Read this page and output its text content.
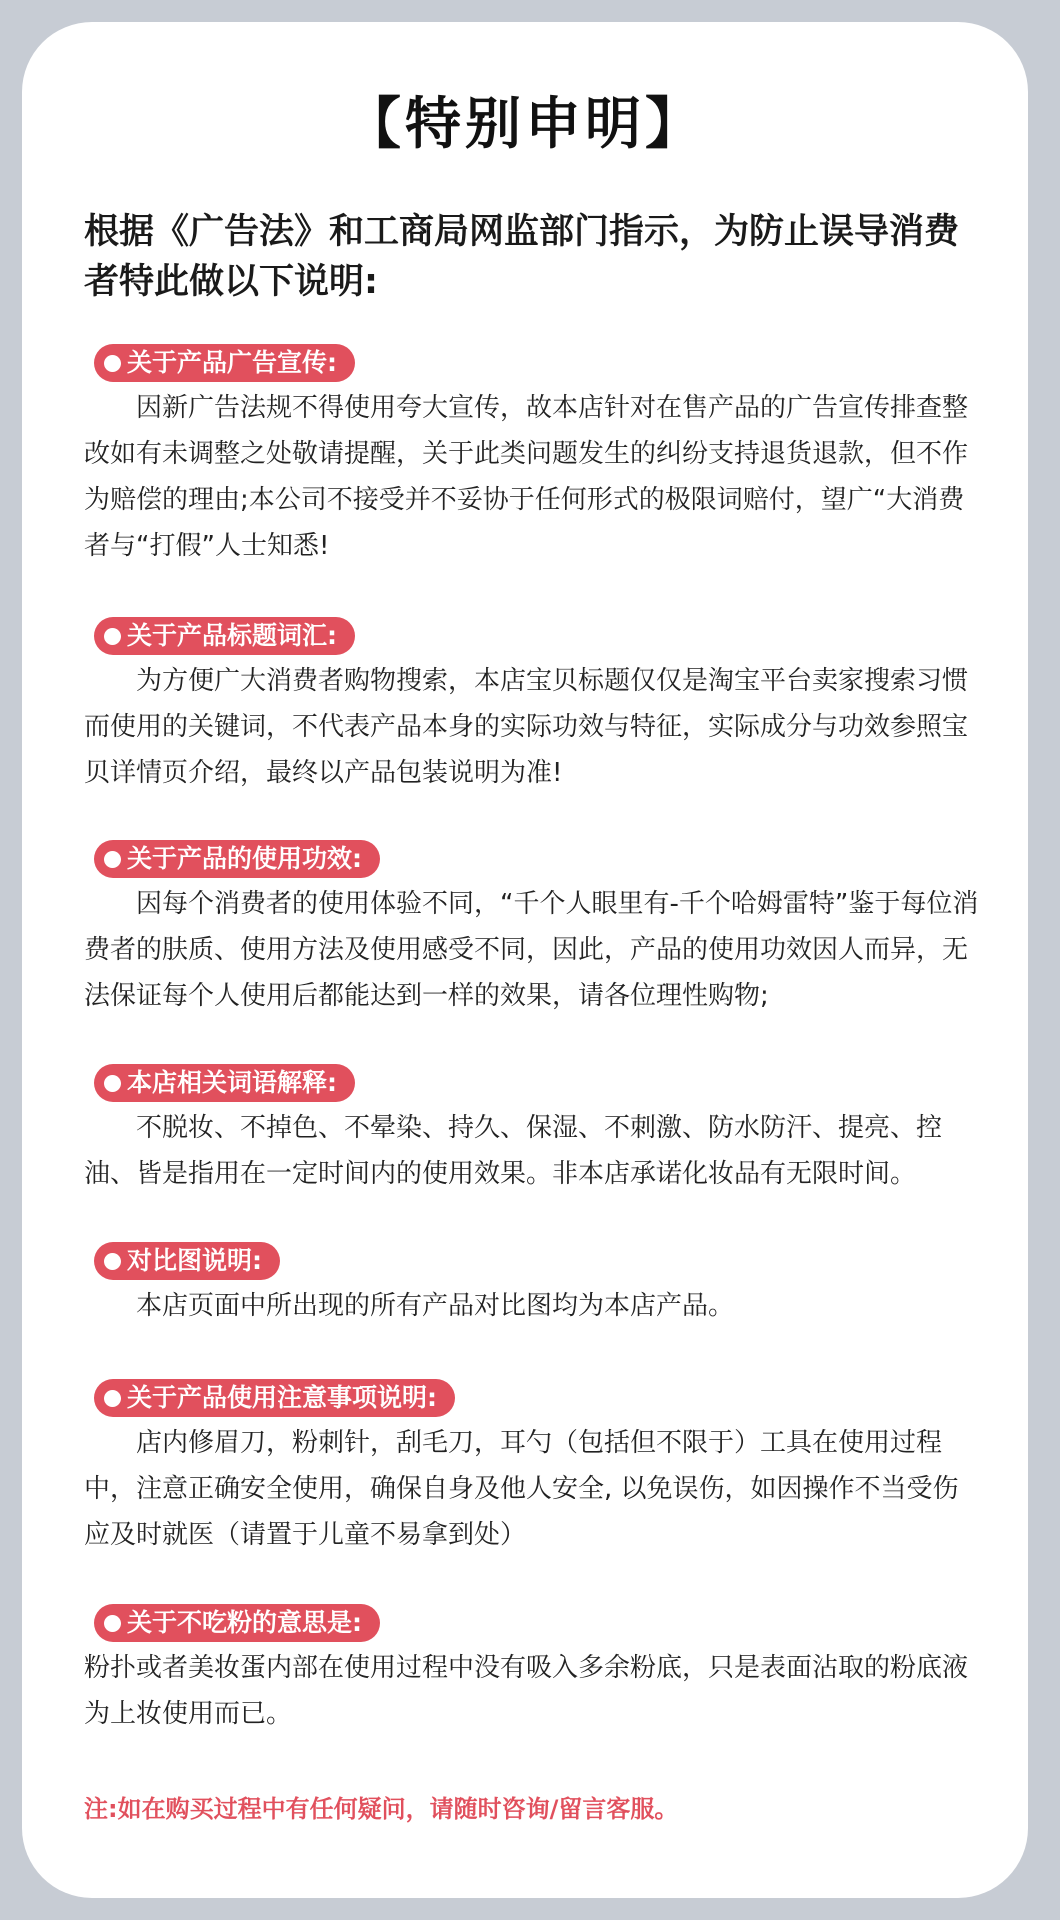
【特别申明】
根据《广告法》和工商局网监部门指示，为防止误导消费者特此做以下说明:
关于产品广告宣传:

因新广告法规不得使用夸大宣传，故本店针对在售产品的广告宣传排查整改如有未调整之处敬请提醒，关于此类问题发生的纠纷支持退货退款，但不作为赔偿的理由;本公司不接受并不妥协于任何形式的极限词赔付，望广“大消费者与“打假”人士知悉!

关于产品标题词汇:

为方便广大消费者购物搜索，本店宝贝标题仅仅是淘宝平台卖家搜索习惯而使用的关键词，不代表产品本身的实际功效与特征，实际成分与功效参照宝贝详情页介绍，最终以产品包装说明为准!

关于产品的使用功效:

因每个消费者的使用体验不同，“千个人眼里有-千个哈姆雷特”鉴于每位消费者的肤质、使用方法及使用感受不同，因此，产品的使用功效因人而异，无法保证每个人使用后都能达到一样的效果，请各位理性购物;

本店相关词语解释:

不脱妆、不掉色、不晕染、持久、保湿、不刺激、防水防汗、提亮、控油、皆是指用在一定时间内的使用效果。非本店承诺化妆品有无限时间。

对比图说明:

本店页面中所出现的所有产品对比图均为本店产品。

关于产品使用注意事项说明:

店内修眉刀，粉刺针，刮毛刀，耳勺（包括但不限于）工具在使用过程中，注意正确安全使用，确保自身及他人安全, 以免误伤，如因操作不当受伤应及时就医（请置于儿童不易拿到处）

关于不吃粉的意思是:

粉扑或者美妆蛋内部在使用过程中没有吸入多余粉底，只是表面沾取的粉底液为上妆使用而已。

注:如在购买过程中有任何疑问，请随时咨询/留言客服。
